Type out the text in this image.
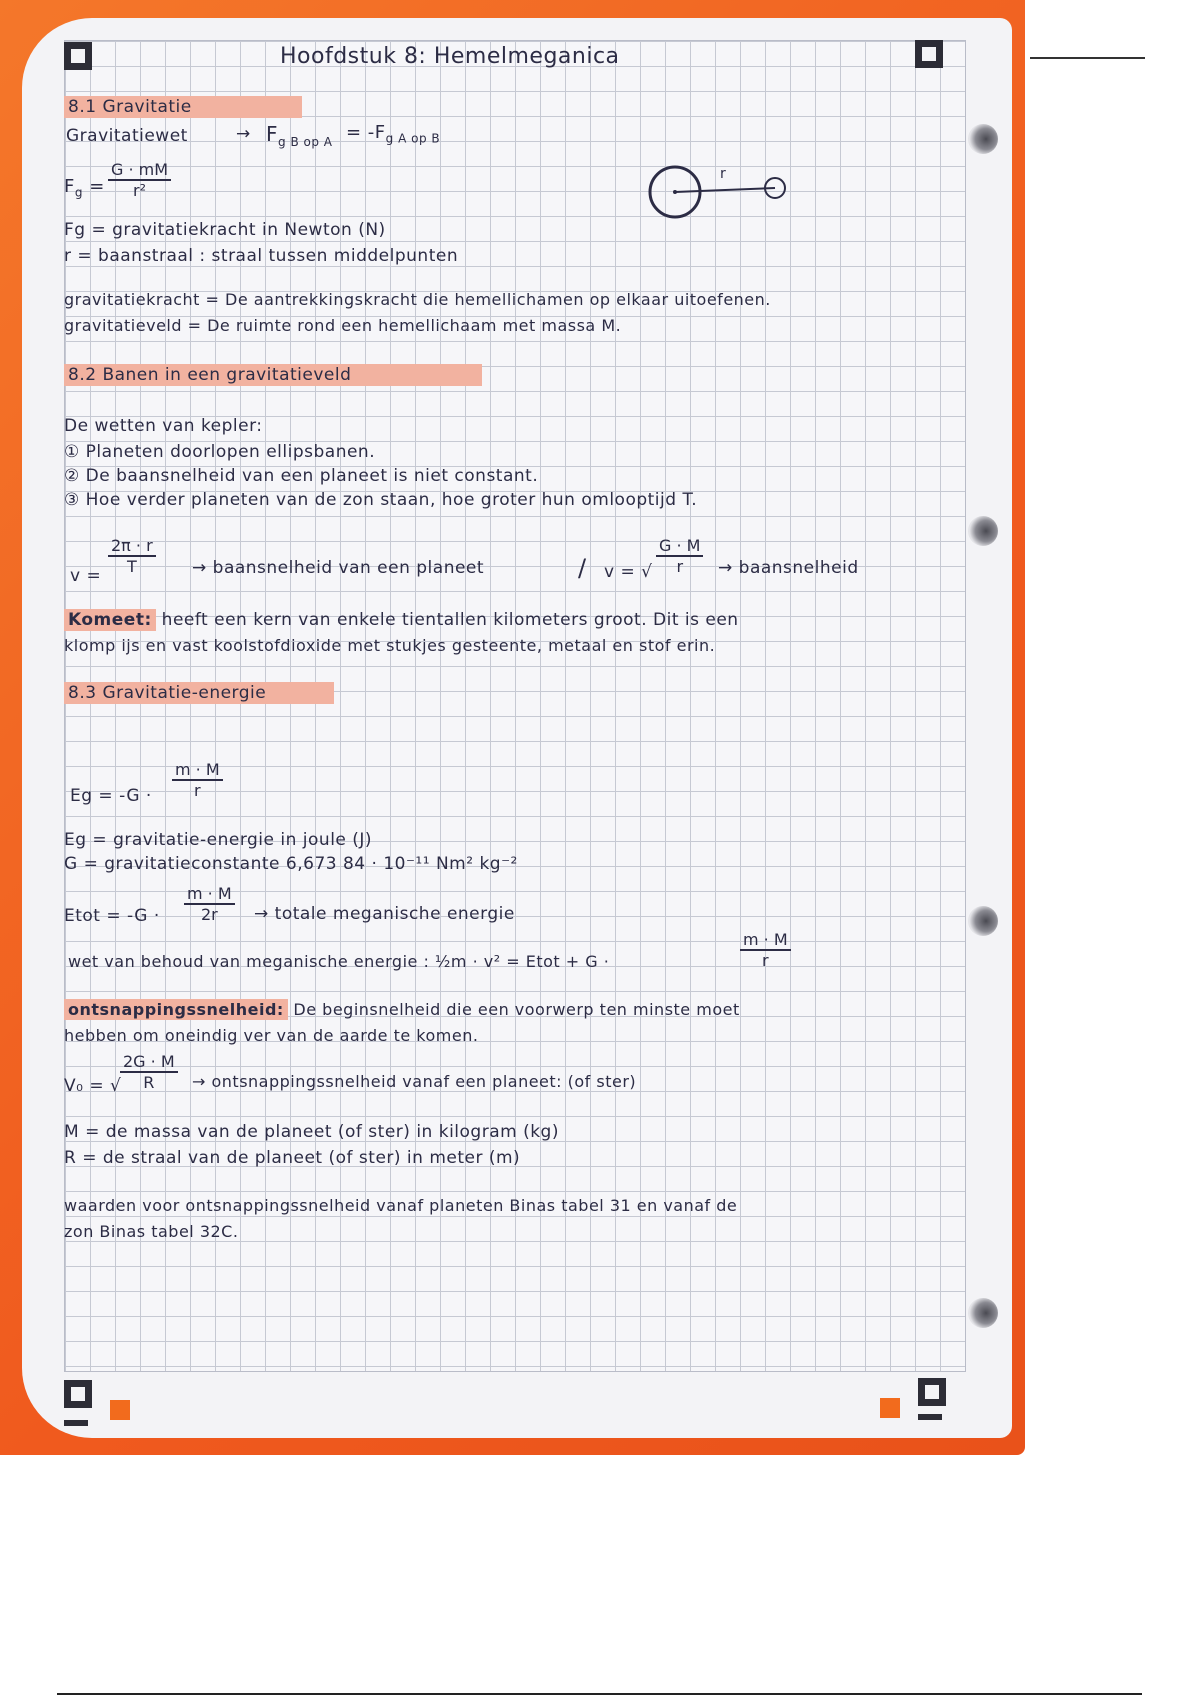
Hoofdstuk 8: Hemelmeganica
8.1 Gravitatie
Gravitatiewet	→ $F_{g B op A} = -F_{g A op B}$
$F_g = \frac{G \cdot mM}{\text{r²}}$	r
Fg = gravitatiekracht in Newton (N)
r = baanstraal : straal tussen middelpunten
gravitatiekracht = De aantrekkingskracht die hemellichamen op elkaar uitoefenen.
gravitatieveld = De ruimte rond een hemellichaam met massa M.
8.2 Banen in een gravitatieveld
De wetten van kepler:
① Planeten doorlopen ellipsbanen.
② De baansnelheid van een planeet is niet constant.
③ Hoe verder planeten van de zon staan, hoe groter hun omlooptijd T.
$v = \frac{2\pi \cdot r}{T}$ → baansnelheid van een planeet	/ v = √ $\frac{G \cdot M}{r}$ → baansnelheid
Komeet: heeft een kern van enkele tientallen kilometers groot. Dit is een
klomp ijs en vast koolstofdioxide met stukjes gesteente, metaal en stof erin.
8.3 Gravitatie-energie
$Eg = -G \cdot \frac{m \cdot M}{r}$
Eg = gravitatie-energie in joule (J)
G = gravitatieconstante 6,673 84 · 10⁻¹¹ Nm² kg⁻²
Etot = $-G \cdot \frac{m \cdot M}{2r}$ → totale meganische energie
wet van behoud van meganische energie : ½m · v² = Etot + G ·	$\frac{m \cdot M}{r}$
ontsnappingssnelheid: De beginsnelheid die een voorwerp ten minste moet
hebben om oneindig ver van de aarde te komen.
V₀ = √
$\frac{2G \cdot M}{R}$ → ontsnappingssnelheid vanaf een planeet: (of ster)
M = de massa van de planeet (of ster) in kilogram (kg)
R = de straal van de planeet (of ster) in meter (m)
waarden voor ontsnappingssnelheid vanaf planeten Binas tabel 31 en vanaf de
zon Binas tabel 32C.
